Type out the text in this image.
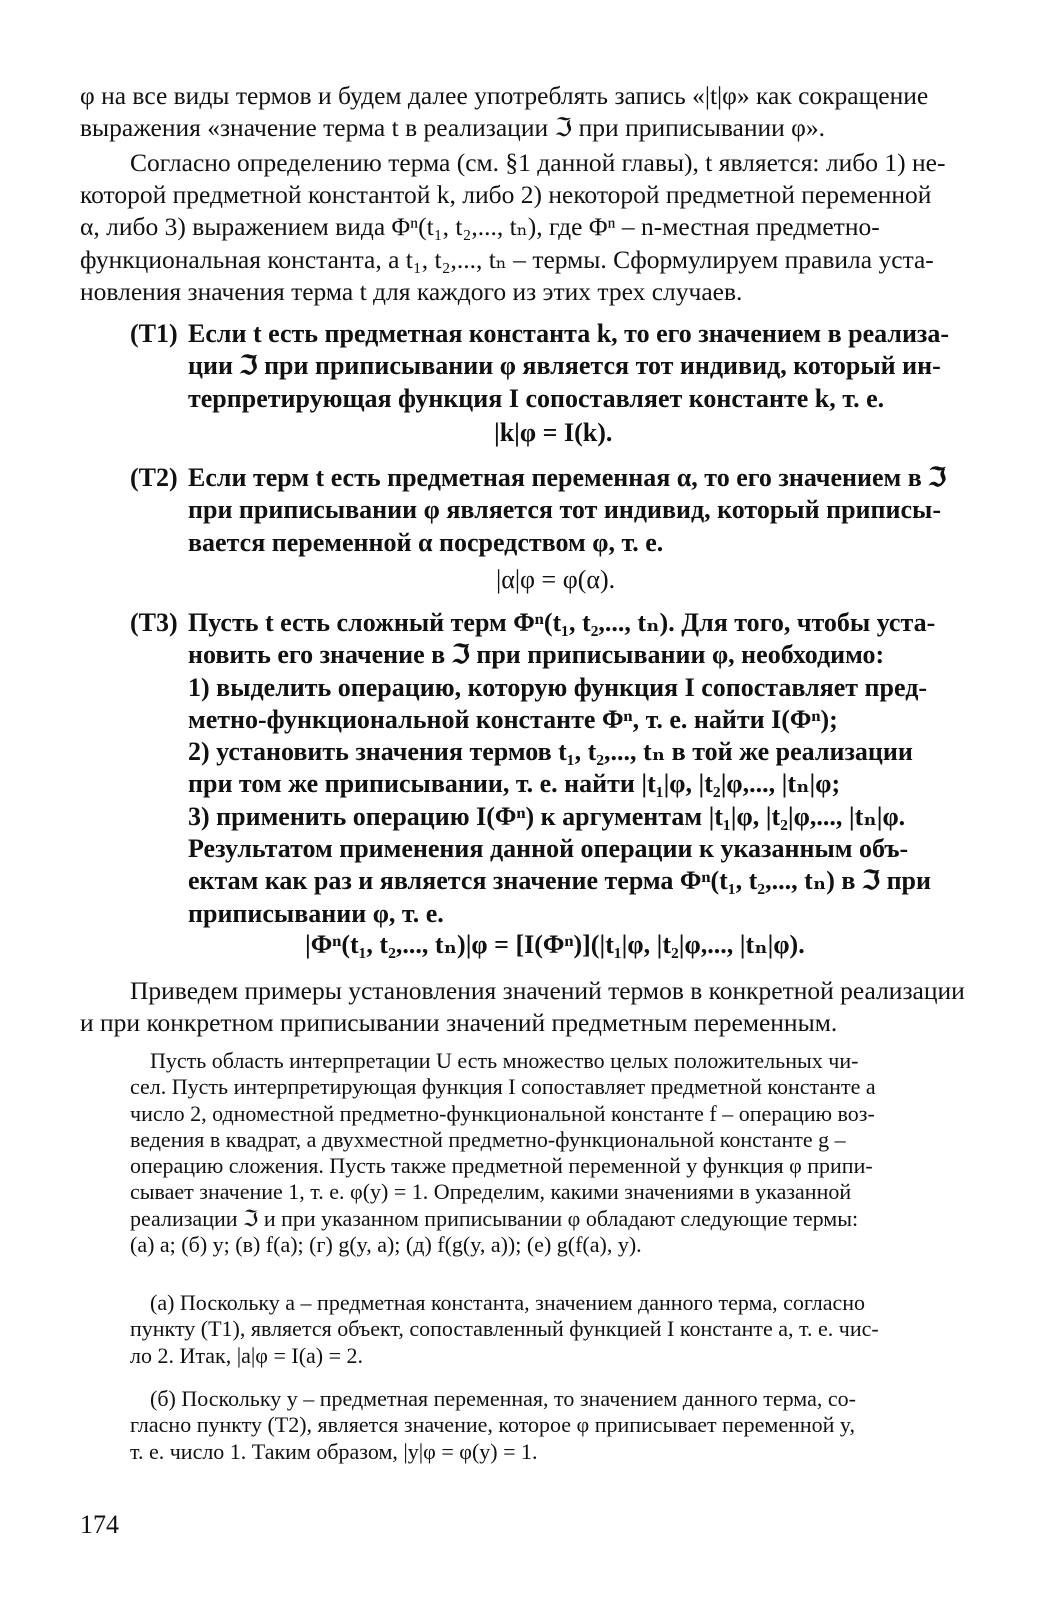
φ на все виды термов и будем далее употреблять запись «|t|φ» как сокращение
выражения «значение терма t в реализации ℑ при приписывании φ».
Согласно определению терма (см. §1 данной главы), t является: либо 1) не-
которой предметной константой k, либо 2) некоторой предметной переменной
α, либо 3) выражением вида Φⁿ(t₁, t₂,..., tₙ), где Φⁿ – n-местная предметно-
функциональная константа, а t₁, t₂,..., tₙ – термы. Сформулируем правила уста-
новления значения терма t для каждого из этих трех случаев.
(T1) Если t есть предметная константа k, то его значением в реализа-
ции ℑ при приписывании φ является тот индивид, который ин-
терпретирующая функция I сопоставляет константе k, т. е.
|k|φ = I(k).
(T2) Если терм t есть предметная переменная α, то его значением в ℑ
при приписывании φ является тот индивид, который приписы-
вается переменной α посредством φ, т. е.
|α|φ = φ(α).
(T3) Пусть t есть сложный терм Φⁿ(t₁, t₂,..., tₙ). Для того, чтобы уста-
новить его значение в ℑ при приписывании φ, необходимо:
1) выделить операцию, которую функция I сопоставляет пред-
метно-функциональной константе Φⁿ, т. е. найти I(Φⁿ);
2) установить значения термов t₁, t₂,..., tₙ в той же реализации
при том же приписывании, т. е. найти |t₁|φ, |t₂|φ,..., |tₙ|φ;
3) применить операцию I(Φⁿ) к аргументам |t₁|φ, |t₂|φ,..., |tₙ|φ.
Результатом применения данной операции к указанным объ-
ектам как раз и является значение терма Φⁿ(t₁, t₂,..., tₙ) в ℑ при
приписывании φ, т. е.
|Φⁿ(t₁, t₂,..., tₙ)|φ = [I(Φⁿ)](|t₁|φ, |t₂|φ,..., |tₙ|φ).
Приведем примеры установления значений термов в конкретной реализации
и при конкретном приписывании значений предметным переменным.
Пусть область интерпретации U есть множество целых положительных чи-
сел. Пусть интерпретирующая функция I сопоставляет предметной константе a
число 2, одноместной предметно-функциональной константе f – операцию воз-
ведения в квадрат, а двухместной предметно-функциональной константе g –
операцию сложения. Пусть также предметной переменной y функция φ припи-
сывает значение 1, т. е. φ(y) = 1. Определим, какими значениями в указанной
реализации ℑ и при указанном приписывании φ обладают следующие термы:
(а) a; (б) y; (в) f(a); (г) g(y, a); (д) f(g(y, a)); (е) g(f(a), y).
(а) Поскольку a – предметная константа, значением данного терма, согласно
пункту (T1), является объект, сопоставленный функцией I константе a, т. е. чис-
ло 2. Итак, |a|φ = I(a) = 2.
(б) Поскольку y – предметная переменная, то значением данного терма, со-
гласно пункту (T2), является значение, которое φ приписывает переменной y,
т. е. число 1. Таким образом, |y|φ = φ(y) = 1.
174
